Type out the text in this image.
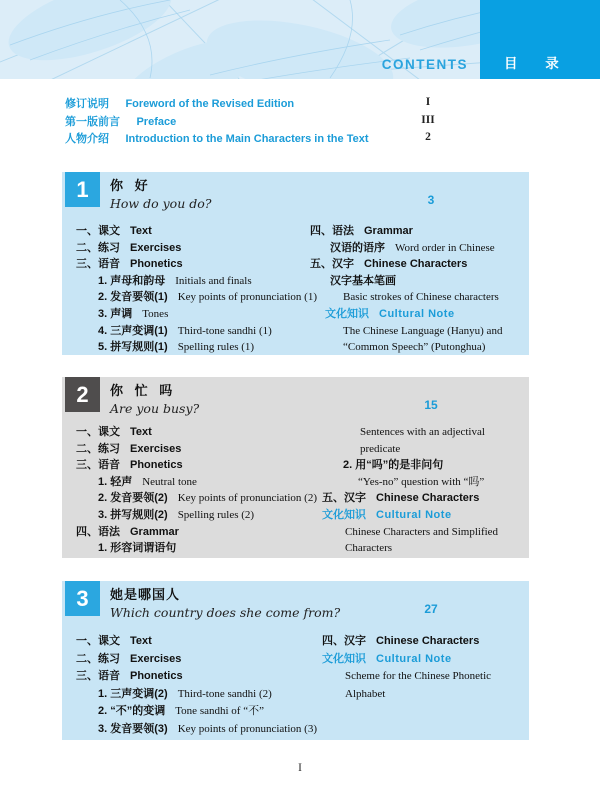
CONTENTS	目 录
修订说明 Foreword of the Revised Edition	I
第一版前言 Preface	III
人物介绍 Introduction to the Main Characters in the Text	2
1	你 好
How do you do?	3
一、课文 Text
二、练习 Exercises
三、语音 Phonetics
1. 声母和韵母 Initials and finals
2. 发音要领(1) Key points of pronunciation (1)
3. 声调 Tones
4. 三声变调(1) Third-tone sandhi (1)
5. 拼写规则(1) Spelling rules (1)
四、语法 Grammar
汉语的语序 Word order in Chinese
五、汉字 Chinese Characters
汉字基本笔画
Basic strokes of Chinese characters
文化知识 Cultural Note
The Chinese Language (Hanyu) and
“Common Speech” (Putonghua)
2	你 忙 吗
Are you busy?	15
一、课文 Text
二、练习 Exercises
三、语音 Phonetics
1. 轻声 Neutral tone
2. 发音要领(2) Key points of pronunciation (2)
3. 拼写规则(2) Spelling rules (2)
四、语法 Grammar
1. 形容词谓语句
Sentences with an adjectival
predicate
2. 用“吗”的是非问句
“Yes-no” question with “吗”
五、汉字 Chinese Characters
文化知识 Cultural Note
Chinese Characters and Simplified
Characters
3	她是哪国人
Which country does she come from?	27
一、课文 Text
二、练习 Exercises
三、语音 Phonetics
1. 三声变调(2) Third-tone sandhi (2)
2. “不”的变调 Tone sandhi of “不”
3. 发音要领(3) Key points of pronunciation (3)
四、汉字 Chinese Characters
文化知识 Cultural Note
Scheme for the Chinese Phonetic
Alphabet
I
